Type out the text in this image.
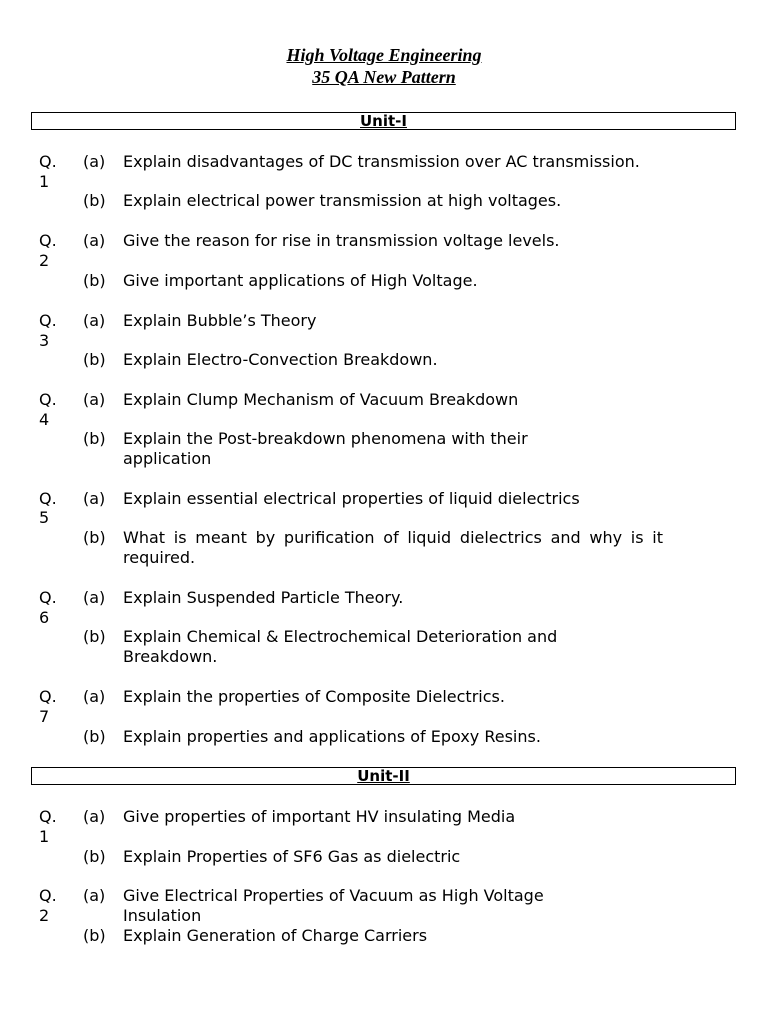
High Voltage Engineering
35 QA New Pattern
Unit-I
Q.
1
(a) Explain disadvantages of DC transmission over AC transmission.
(b) Explain electrical power transmission at high voltages.
Q.
2
(a) Give the reason for rise in transmission voltage levels.
(b) Give important applications of High Voltage.
Q.
3
(a) Explain Bubble’s Theory
(b) Explain Electro-Convection Breakdown.
Q.
4
(a) Explain Clump Mechanism of Vacuum Breakdown
(b) Explain the Post-breakdown phenomena with their application
Q.
5
(a) Explain essential electrical properties of liquid dielectrics
(b) What is meant by purification of liquid dielectrics and why is it required.
Q.
6
(a) Explain Suspended Particle Theory.
(b) Explain Chemical & Electrochemical Deterioration and Breakdown.
Q.
7
(a) Explain the properties of Composite Dielectrics.
(b) Explain properties and applications of Epoxy Resins.
Unit-II
Q.
1
(a) Give properties of important HV insulating Media
(b) Explain Properties of SF6 Gas as dielectric
Q.
2
(a) Give Electrical Properties of Vacuum as High Voltage Insulation
(b) Explain Generation of Charge Carriers
